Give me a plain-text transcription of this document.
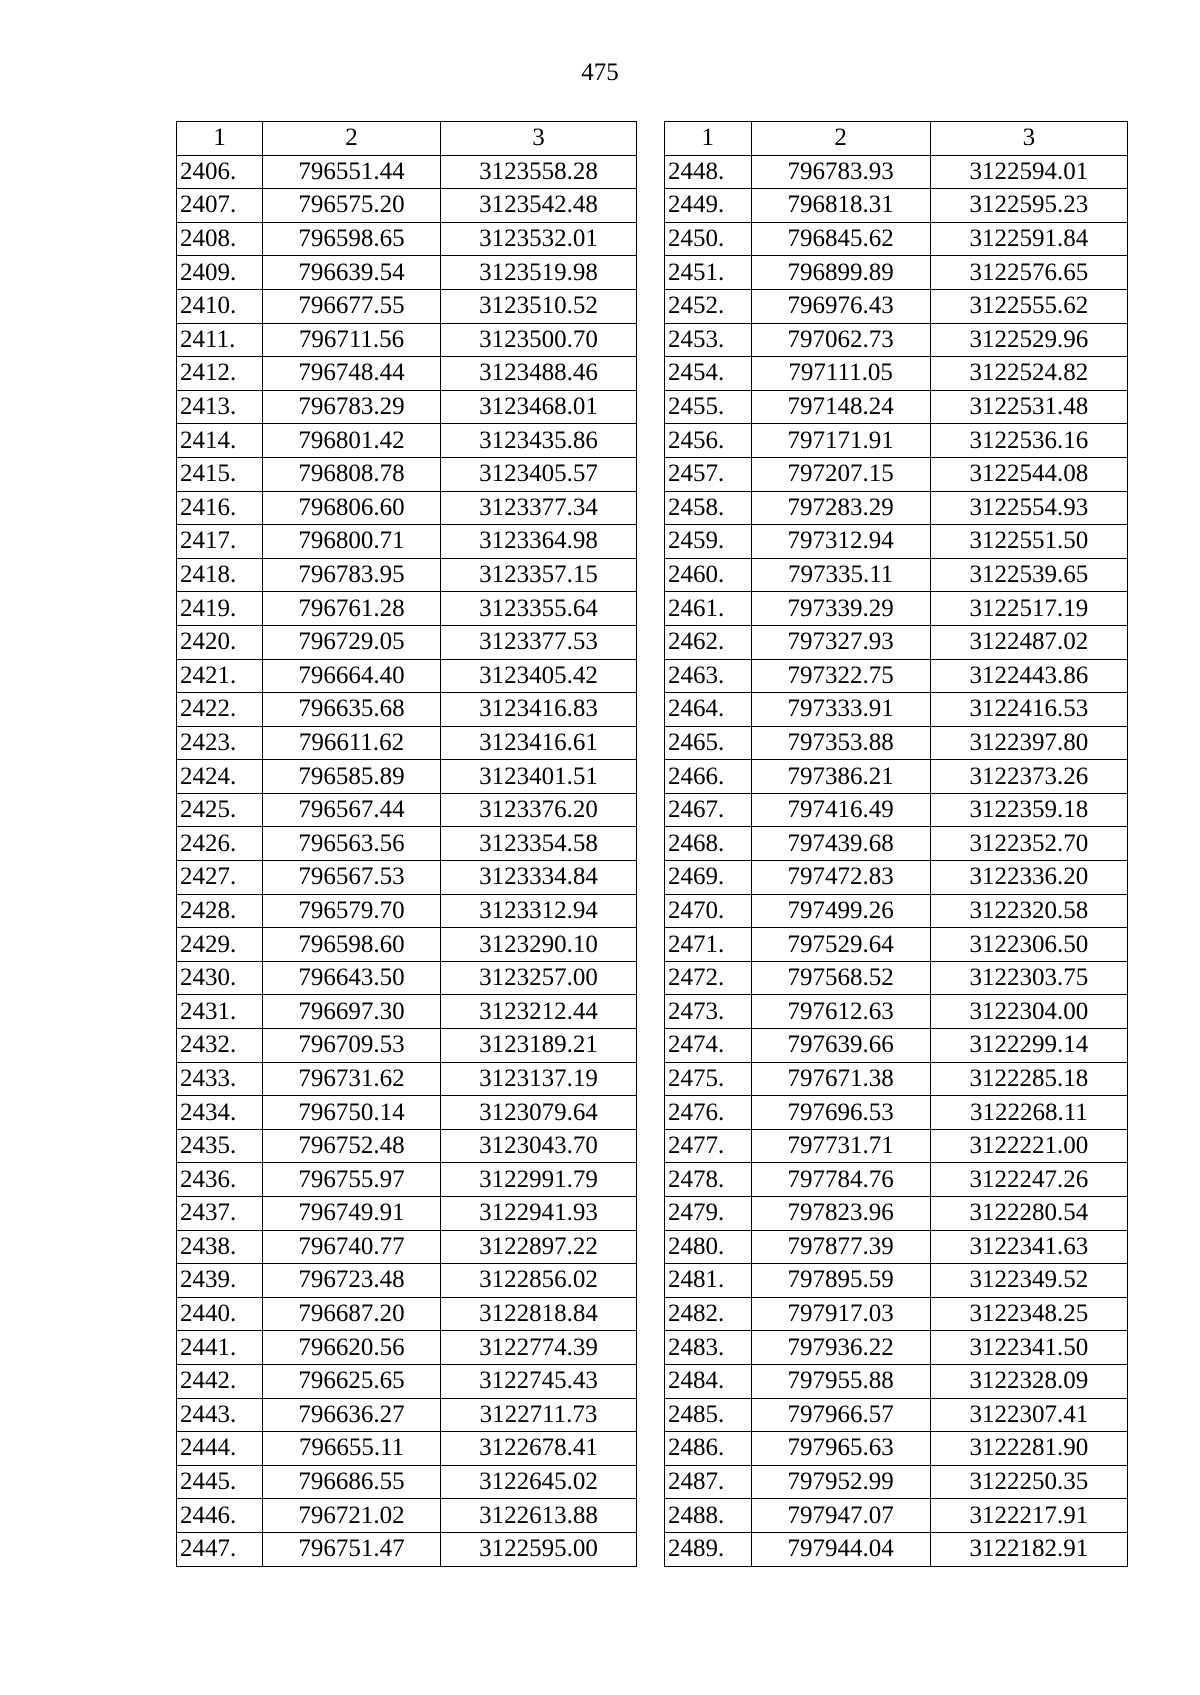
475
1	2	3
2406.	796551.44	3123558.28
2407.	796575.20	3123542.48
2408.	796598.65	3123532.01
2409.	796639.54	3123519.98
2410.	796677.55	3123510.52
2411.	796711.56	3123500.70
2412.	796748.44	3123488.46
2413.	796783.29	3123468.01
2414.	796801.42	3123435.86
2415.	796808.78	3123405.57
2416.	796806.60	3123377.34
2417.	796800.71	3123364.98
2418.	796783.95	3123357.15
2419.	796761.28	3123355.64
2420.	796729.05	3123377.53
2421.	796664.40	3123405.42
2422.	796635.68	3123416.83
2423.	796611.62	3123416.61
2424.	796585.89	3123401.51
2425.	796567.44	3123376.20
2426.	796563.56	3123354.58
2427.	796567.53	3123334.84
2428.	796579.70	3123312.94
2429.	796598.60	3123290.10
2430.	796643.50	3123257.00
2431.	796697.30	3123212.44
2432.	796709.53	3123189.21
2433.	796731.62	3123137.19
2434.	796750.14	3123079.64
2435.	796752.48	3123043.70
2436.	796755.97	3122991.79
2437.	796749.91	3122941.93
2438.	796740.77	3122897.22
2439.	796723.48	3122856.02
2440.	796687.20	3122818.84
2441.	796620.56	3122774.39
2442.	796625.65	3122745.43
2443.	796636.27	3122711.73
2444.	796655.11	3122678.41
2445.	796686.55	3122645.02
2446.	796721.02	3122613.88
2447.	796751.47	3122595.00
1	2	3
2448.	796783.93	3122594.01
2449.	796818.31	3122595.23
2450.	796845.62	3122591.84
2451.	796899.89	3122576.65
2452.	796976.43	3122555.62
2453.	797062.73	3122529.96
2454.	797111.05	3122524.82
2455.	797148.24	3122531.48
2456.	797171.91	3122536.16
2457.	797207.15	3122544.08
2458.	797283.29	3122554.93
2459.	797312.94	3122551.50
2460.	797335.11	3122539.65
2461.	797339.29	3122517.19
2462.	797327.93	3122487.02
2463.	797322.75	3122443.86
2464.	797333.91	3122416.53
2465.	797353.88	3122397.80
2466.	797386.21	3122373.26
2467.	797416.49	3122359.18
2468.	797439.68	3122352.70
2469.	797472.83	3122336.20
2470.	797499.26	3122320.58
2471.	797529.64	3122306.50
2472.	797568.52	3122303.75
2473.	797612.63	3122304.00
2474.	797639.66	3122299.14
2475.	797671.38	3122285.18
2476.	797696.53	3122268.11
2477.	797731.71	3122221.00
2478.	797784.76	3122247.26
2479.	797823.96	3122280.54
2480.	797877.39	3122341.63
2481.	797895.59	3122349.52
2482.	797917.03	3122348.25
2483.	797936.22	3122341.50
2484.	797955.88	3122328.09
2485.	797966.57	3122307.41
2486.	797965.63	3122281.90
2487.	797952.99	3122250.35
2488.	797947.07	3122217.91
2489.	797944.04	3122182.91
